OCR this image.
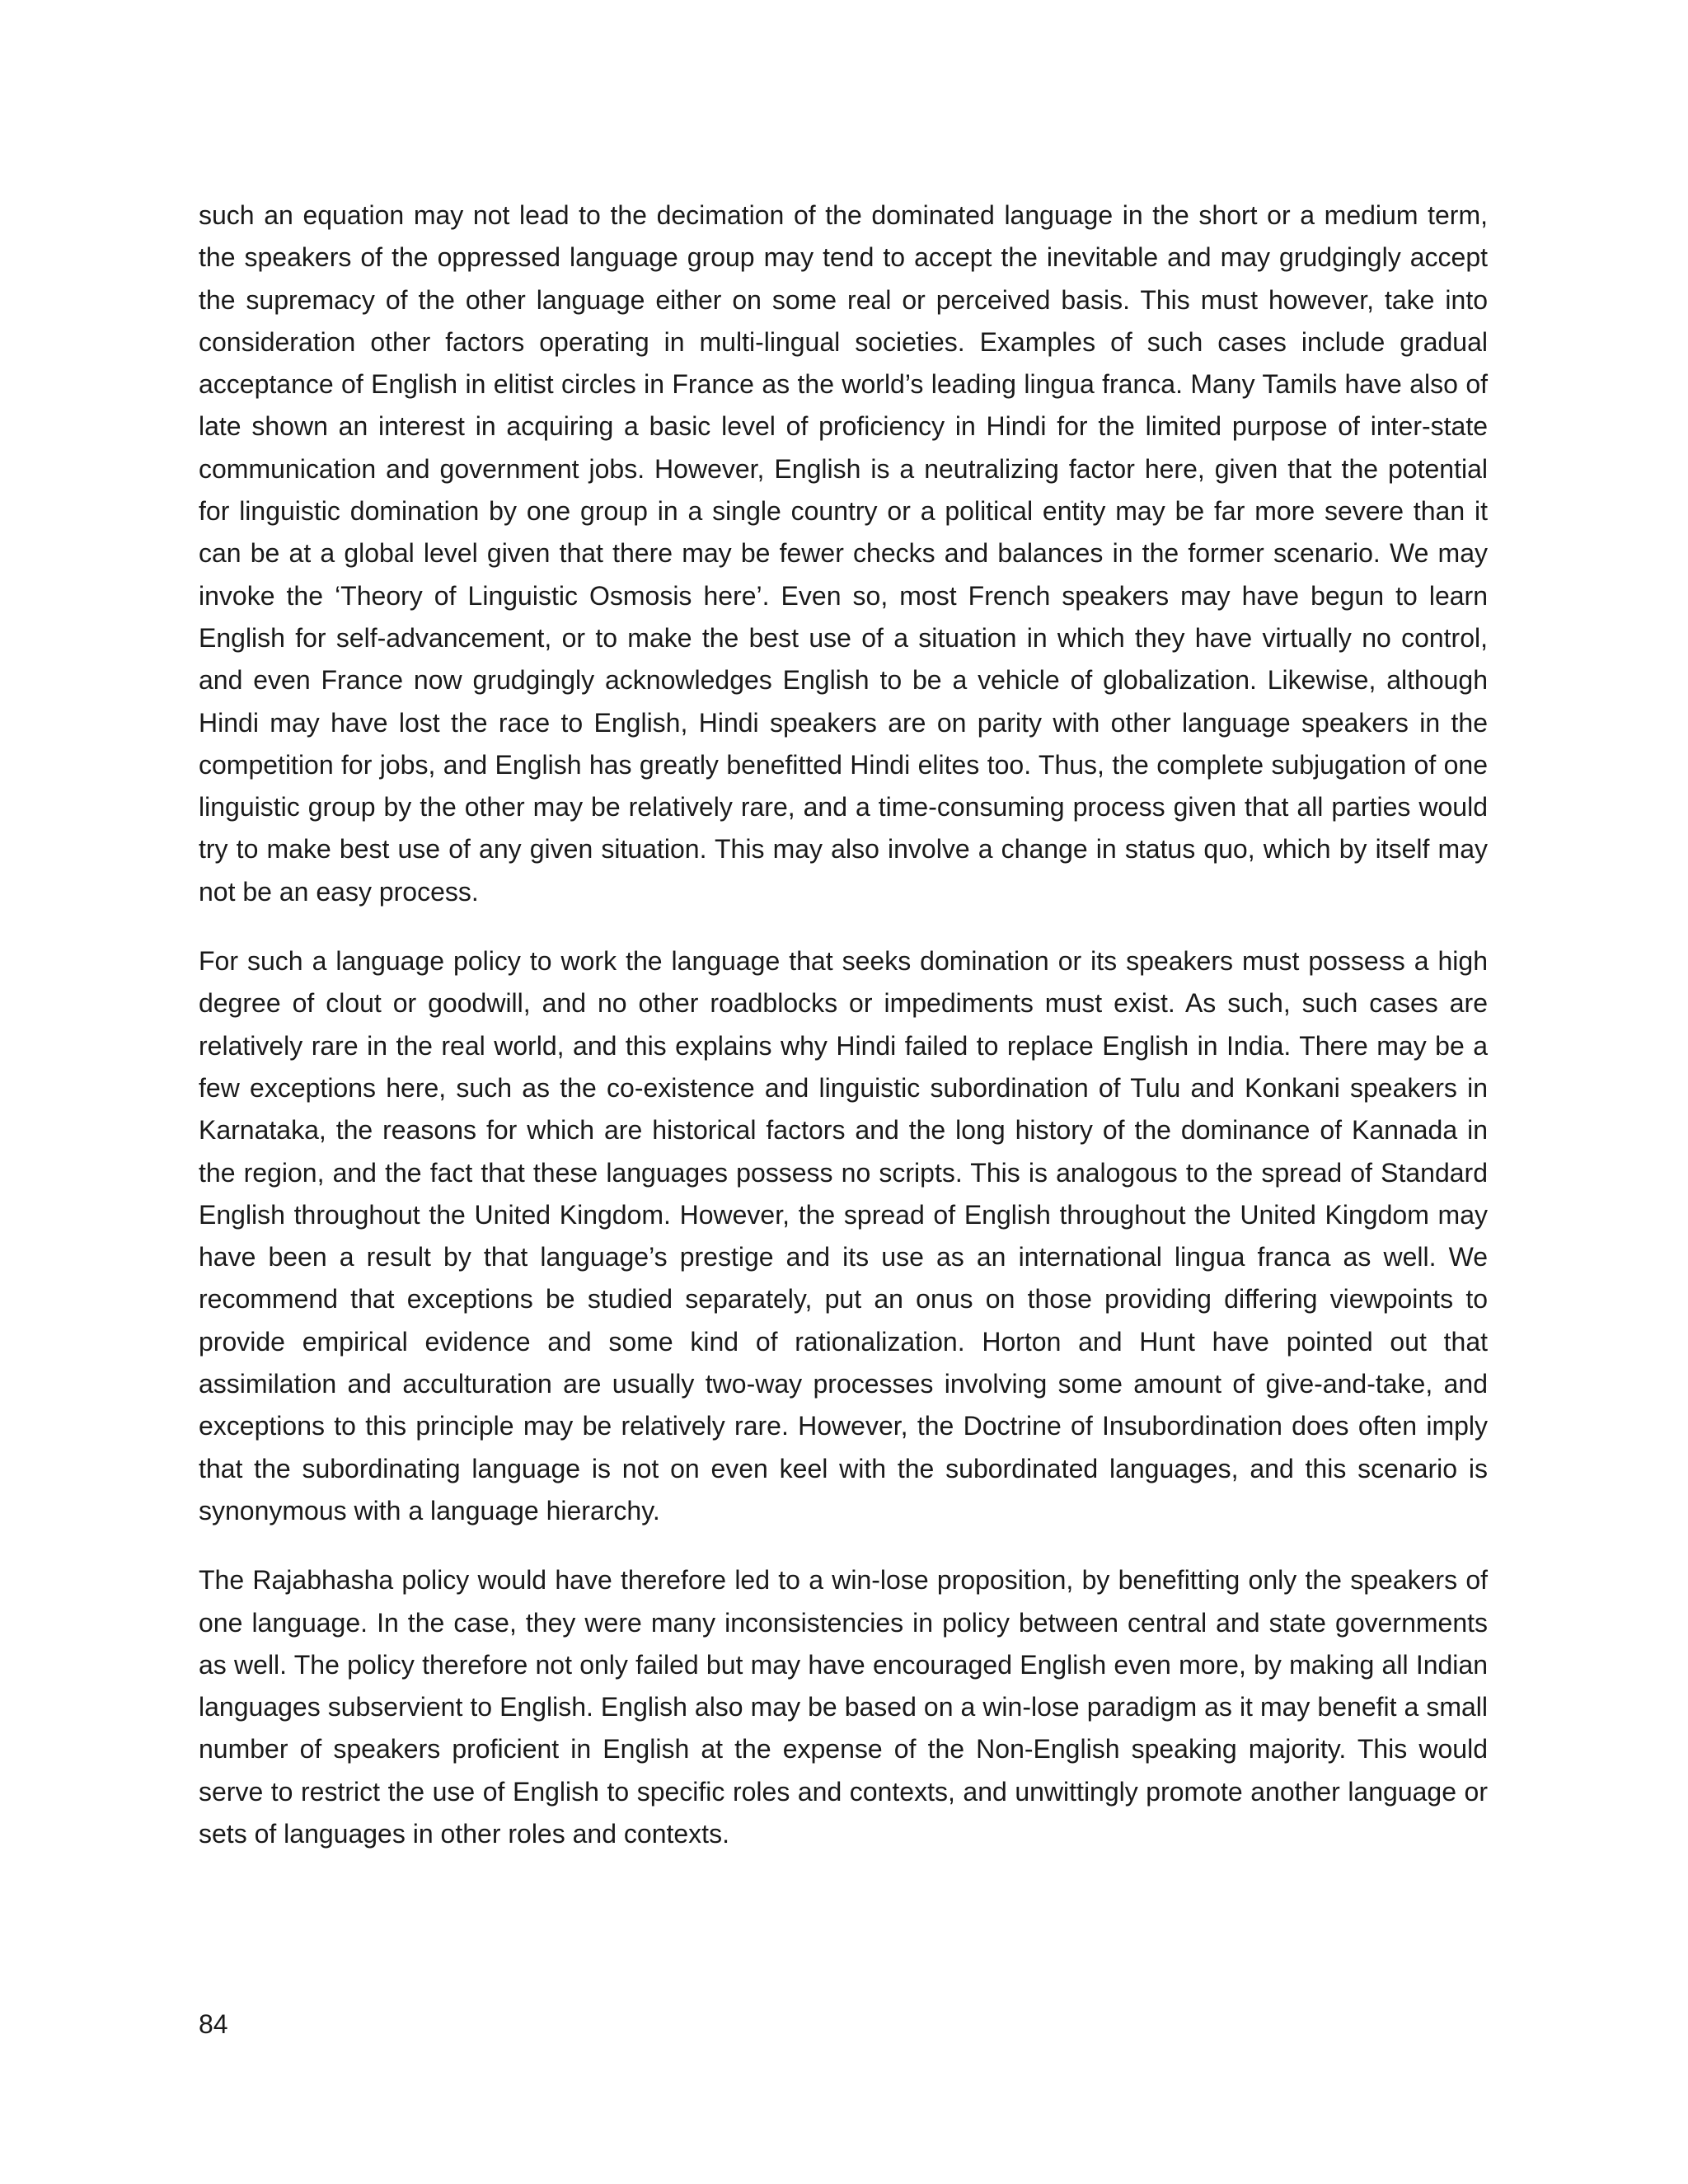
such an equation may not lead to the decimation of the dominated language in the short or a medium term, the speakers of the oppressed language group may tend to accept the inevitable and may grudgingly accept the supremacy of the other language either on some real or perceived basis. This must however, take into consideration other factors operating in multi-lingual societies. Examples of such cases include gradual acceptance of English in elitist circles in France as the world’s leading lingua franca. Many Tamils have also of late shown an interest in acquiring a basic level of proficiency in Hindi for the limited purpose of inter-state communication and government jobs. However, English is a neutralizing factor here, given that the potential for linguistic domination by one group in a single country or a political entity may be far more severe than it can be at a global level given that there may be fewer checks and balances in the former scenario. We may invoke the ‘Theory of Linguistic Osmosis here’. Even so, most French speakers may have begun to learn English for self-advancement, or to make the best use of a situation in which they have virtually no control, and even France now grudgingly acknowledges English to be a vehicle of globalization. Likewise, although Hindi may have lost the race to English, Hindi speakers are on parity with other language speakers in the competition for jobs, and English has greatly benefitted Hindi elites too. Thus, the complete subjugation of one linguistic group by the other may be relatively rare, and a time-consuming process given that all parties would try to make best use of any given situation. This may also involve a change in status quo, which by itself may not be an easy process.

For such a language policy to work the language that seeks domination or its speakers must possess a high degree of clout or goodwill, and no other roadblocks or impediments must exist. As such, such cases are relatively rare in the real world, and this explains why Hindi failed to replace English in India. There may be a few exceptions here, such as the co-existence and linguistic subordination of Tulu and Konkani speakers in Karnataka, the reasons for which are historical factors and the long history of the dominance of Kannada in the region, and the fact that these languages possess no scripts. This is analogous to the spread of Standard English throughout the United Kingdom. However, the spread of English throughout the United Kingdom may have been a result by that language’s prestige and its use as an international lingua franca as well. We recommend that exceptions be studied separately, put an onus on those providing differing viewpoints to provide empirical evidence and some kind of rationalization. Horton and Hunt have pointed out that assimilation and acculturation are usually two-way processes involving some amount of give-and-take, and exceptions to this principle may be relatively rare. However, the Doctrine of Insubordination does often imply that the subordinating language is not on even keel with the subordinated languages, and this scenario is synonymous with a language hierarchy.

The Rajabhasha policy would have therefore led to a win-lose proposition, by benefitting only the speakers of one language. In the case, they were many inconsistencies in policy between central and state governments as well. The policy therefore not only failed but may have encouraged English even more, by making all Indian languages subservient to English. English also may be based on a win-lose paradigm as it may benefit a small number of speakers proficient in English at the expense of the Non-English speaking majority. This would serve to restrict the use of English to specific roles and contexts, and unwittingly promote another language or sets of languages in other roles and contexts.

84
